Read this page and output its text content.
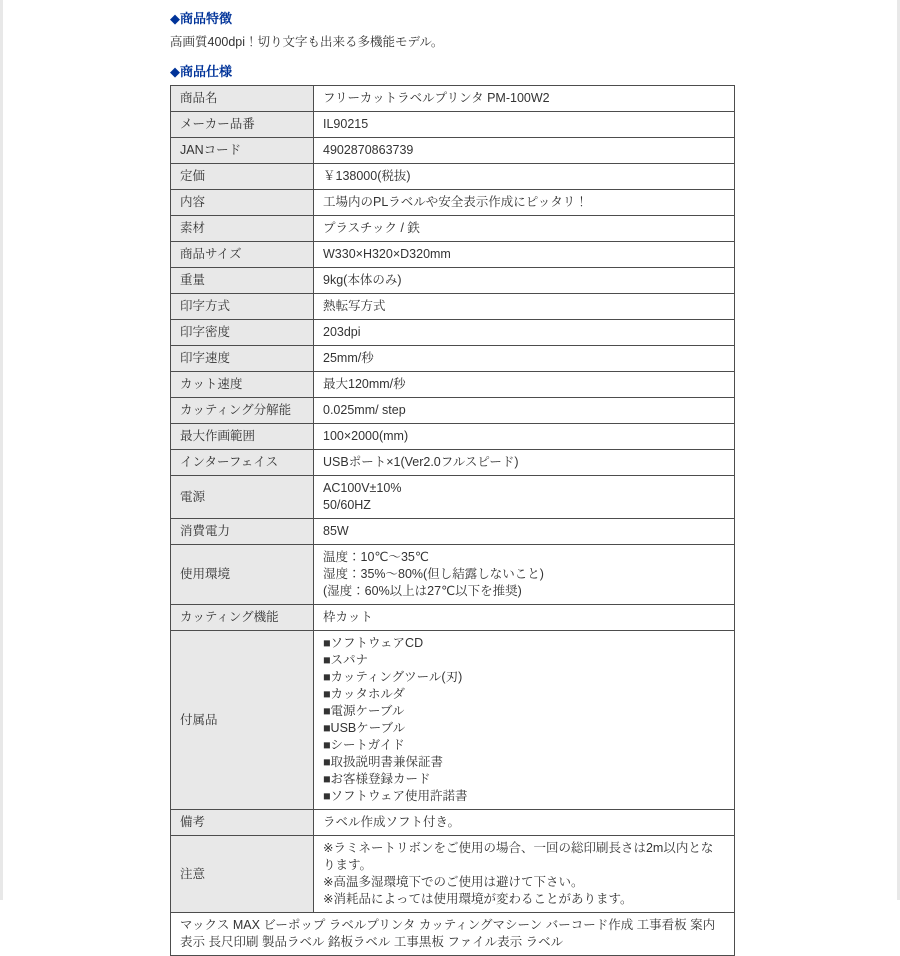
◆商品特徴
高画質400dpi！切り文字も出来る多機能モデル。
◆商品仕様
商品名	フリーカットラベルプリンタ PM-100W2

メーカー品番	IL90215

JANコード	4902870863739

定価	￥138000(税抜)

内容	工場内のPLラベルや安全表示作成にピッタリ！

素材	プラスチック / 鉄

商品サイズ	W330×H320×D320mm

重量	9kg(本体のみ)

印字方式	熱転写方式

印字密度	203dpi

印字速度	25mm/秒

カット速度	最大120mm/秒

カッティング分解能	0.025mm/ step

最大作画範囲	100×2000(mm)

インターフェイス	USBポート×1(Ver2.0フルスピード)

電源	AC100V±10%
50/60HZ

消費電力	85W

使用環境	温度：10℃～35℃
湿度：35%～80%(但し結露しないこと)
(湿度：60%以上は27℃以下を推奨)

カッティング機能	枠カット

付属品	
■ソフトウェアCD
■スパナ
■カッティングツール(刃)
■カッタホルダ
■電源ケーブル
■USBケーブル
■シートガイド
■取扱説明書兼保証書
■お客様登録カード
■ソフトウェア使用許諾書

備考	ラベル作成ソフト付き。

注意	※ラミネートリボンをご使用の場合、一回の総印刷長さは2m以内となります。
※高温多湿環境下でのご使用は避けて下さい。
※消耗品によっては使用環境が変わることがあります。

マックス MAX ビーポップ ラベルプリンタ カッティングマシーン バーコード作成 工事看板 案内 表示 長尺印刷 製品ラベル 銘板ラベル 工事黒板 ファイル表示 ラベル	
